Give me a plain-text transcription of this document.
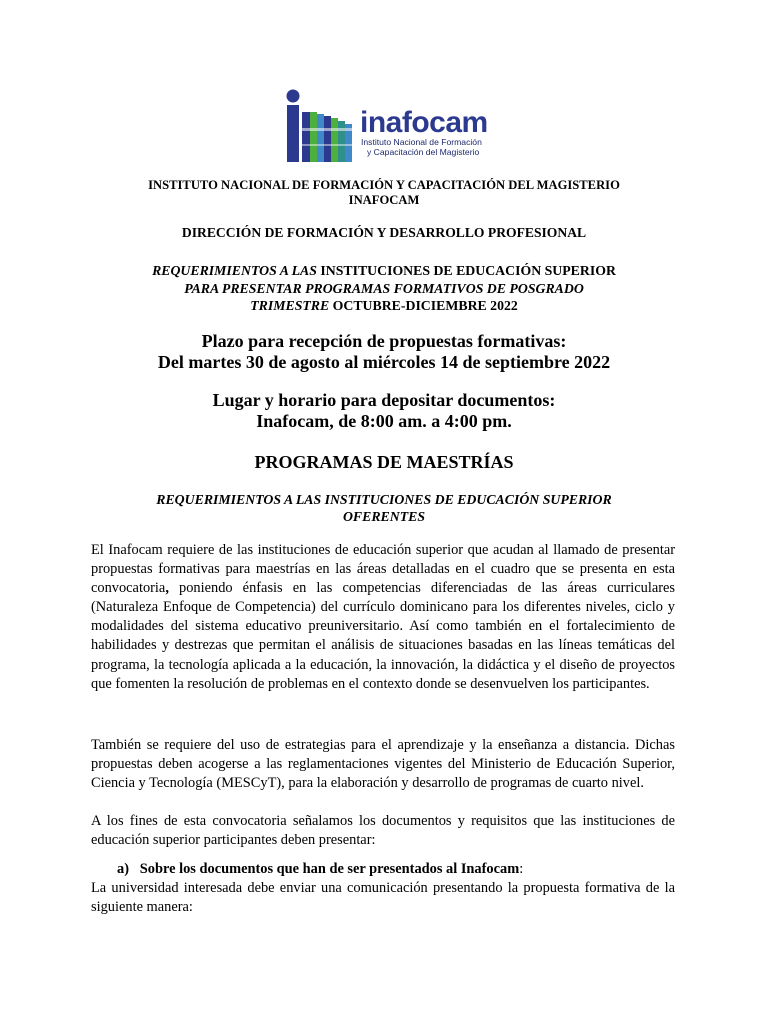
inafocam
Instituto Nacional de Formación
y Capacitación del Magisterio
INSTITUTO NACIONAL DE FORMACIÓN Y CAPACITACIÓN DEL MAGISTERIO
INAFOCAM
DIRECCIÓN DE FORMACIÓN Y DESARROLLO PROFESIONAL
REQUERIMIENTOS A LAS INSTITUCIONES DE EDUCACIÓN SUPERIOR
PARA PRESENTAR PROGRAMAS FORMATIVOS DE POSGRADO
TRIMESTRE OCTUBRE-DICIEMBRE 2022
Plazo para recepción de propuestas formativas:
Del martes 30 de agosto al miércoles 14 de septiembre 2022
Lugar y horario para depositar documentos:
Inafocam, de 8:00 am. a 4:00 pm.
PROGRAMAS DE MAESTRÍAS
REQUERIMIENTOS A LAS INSTITUCIONES DE EDUCACIÓN SUPERIOR
OFERENTES
El Inafocam requiere de las instituciones de educación superior que acudan al llamado de presentar propuestas formativas para maestrías en las áreas detalladas en el cuadro que se presenta en esta convocatoria, poniendo énfasis en las competencias diferenciadas de las áreas curriculares (Naturaleza Enfoque de Competencia) del currículo dominicano para los diferentes niveles, ciclo y modalidades del sistema educativo preuniversitario. Así como también en el fortalecimiento de habilidades y destrezas que permitan el análisis de situaciones basadas en las líneas temáticas del programa, la tecnología aplicada a la educación, la innovación, la didáctica y el diseño de proyectos que fomenten la resolución de problemas en el contexto donde se desenvuelven los participantes.
También se requiere del uso de estrategias para el aprendizaje y la enseñanza a distancia. Dichas propuestas deben acogerse a las reglamentaciones vigentes del Ministerio de Educación Superior, Ciencia y Tecnología (MESCyT), para la elaboración y desarrollo de programas de cuarto nivel.
A los fines de esta convocatoria señalamos los documentos y requisitos que las instituciones de educación superior participantes deben presentar:
a) Sobre los documentos que han de ser presentados al Inafocam:
La universidad interesada debe enviar una comunicación presentando la propuesta formativa de la siguiente manera:
